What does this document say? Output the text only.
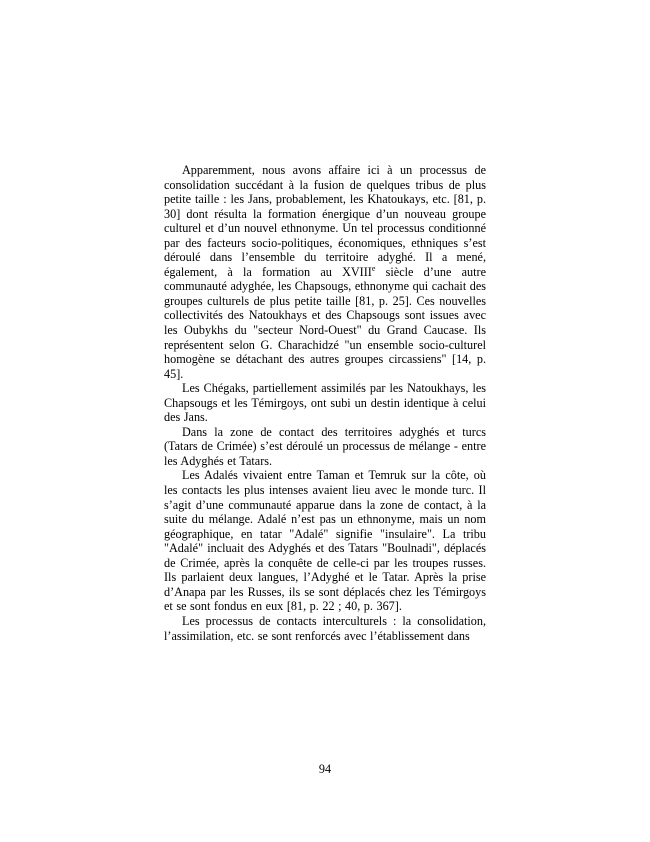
Apparemment, nous avons affaire ici à un processus de consolidation succédant à la fusion de quelques tribus de plus petite taille : les Jans, probablement, les Khatoukays, etc. [81, p. 30] dont résulta la formation énergique d’un nouveau groupe culturel et d’un nouvel ethnonyme. Un tel processus conditionné par des facteurs socio-politiques, économiques, ethniques s’est déroulé dans l’ensemble du territoire adyghé. Il a mené, également, à la formation au XVIIIe siècle d’une autre communauté adyghée, les Chapsougs, ethnonyme qui cachait des groupes culturels de plus petite taille [81, p. 25]. Ces nouvelles collectivités des Natoukhays et des Chapsougs sont issues avec les Oubykhs du "secteur Nord-Ouest" du Grand Caucase. Ils représentent selon G. Charachidzé "un ensemble socio-culturel homogène se détachant des autres groupes circassiens" [14, p. 45].

Les Chégaks, partiellement assimilés par les Natoukhays, les Chapsougs et les Témirgoys, ont subi un destin identique à celui des Jans.

Dans la zone de contact des territoires adyghés et turcs (Tatars de Crimée) s’est déroulé un processus de mélange - entre les Adyghés et Tatars.

Les Adalés vivaient entre Taman et Temruk sur la côte, où les contacts les plus intenses avaient lieu avec le monde turc. Il s’agit d’une communauté apparue dans la zone de contact, à la suite du mélange. Adalé n’est pas un ethnonyme, mais un nom géographique, en tatar "Adalé" signifie "insulaire". La tribu "Adalé" incluait des Adyghés et des Tatars "Boulnadi", déplacés de Crimée, après la conquête de celle-ci par les troupes russes. Ils parlaient deux langues, l’Adyghé et le Tatar. Après la prise d’Anapa par les Russes, ils se sont déplacés chez les Témirgoys et se sont fondus en eux [81, p. 22 ; 40, p. 367].

Les processus de contacts interculturels : la consolidation, l’assimilation, etc. se sont renforcés avec l’établissement dans

94
